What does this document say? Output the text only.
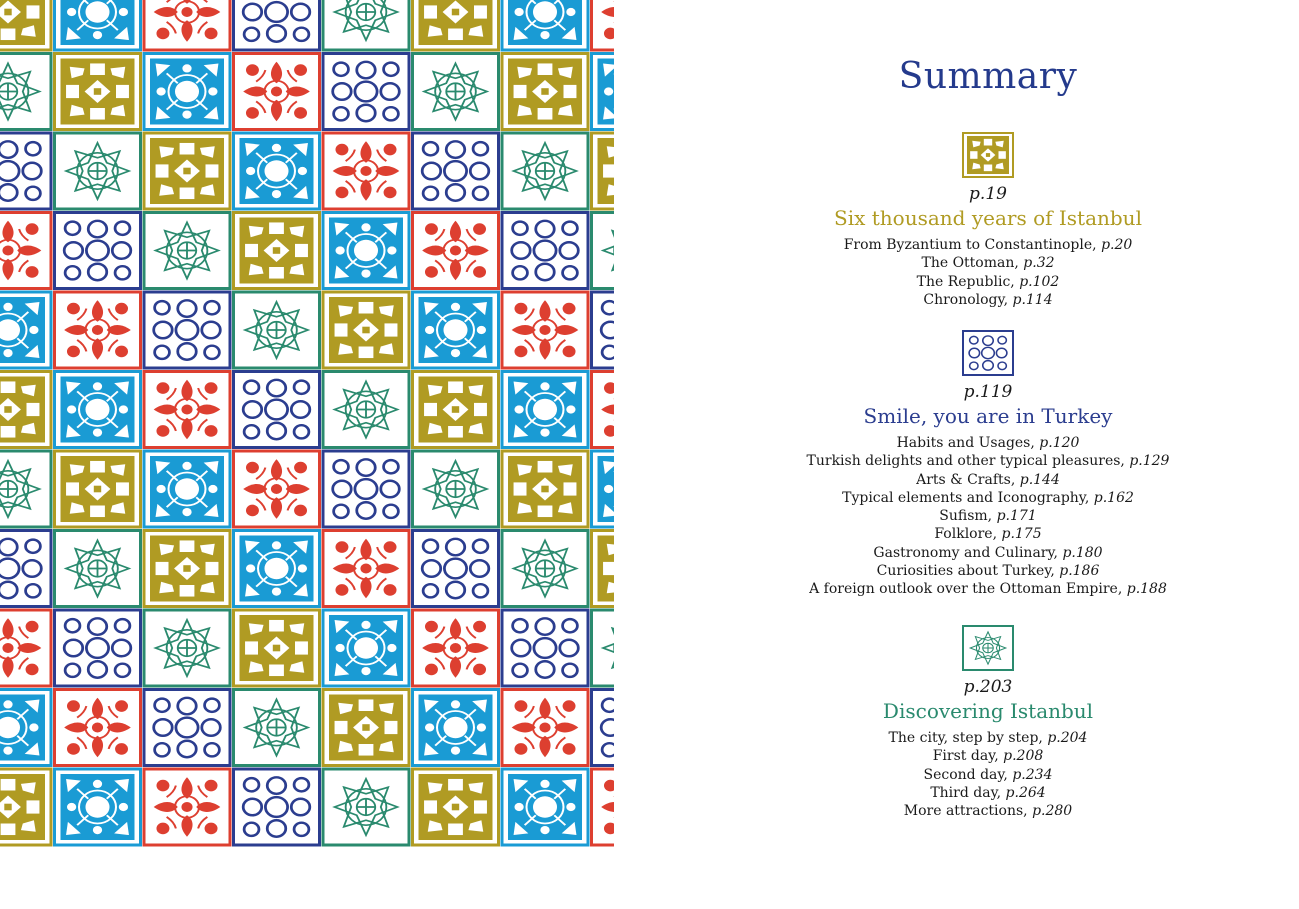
Summary
p.19
Six thousand years of Istanbul
From Byzantium to Constantinople, p.20
The Ottoman, p.32
The Republic, p.102
Chronology, p.114
p.119
Smile, you are in Turkey
Habits and Usages, p.120
Turkish delights and other typical pleasures, p.129
Arts & Crafts, p.144
Typical elements and Iconography, p.162
Sufism, p.171
Folklore, p.175
Gastronomy and Culinary, p.180
Curiosities about Turkey, p.186
A foreign outlook over the Ottoman Empire, p.188
p.203
Discovering Istanbul
The city, step by step, p.204
First day, p.208
Second day, p.234
Third day, p.264
More attractions, p.280
